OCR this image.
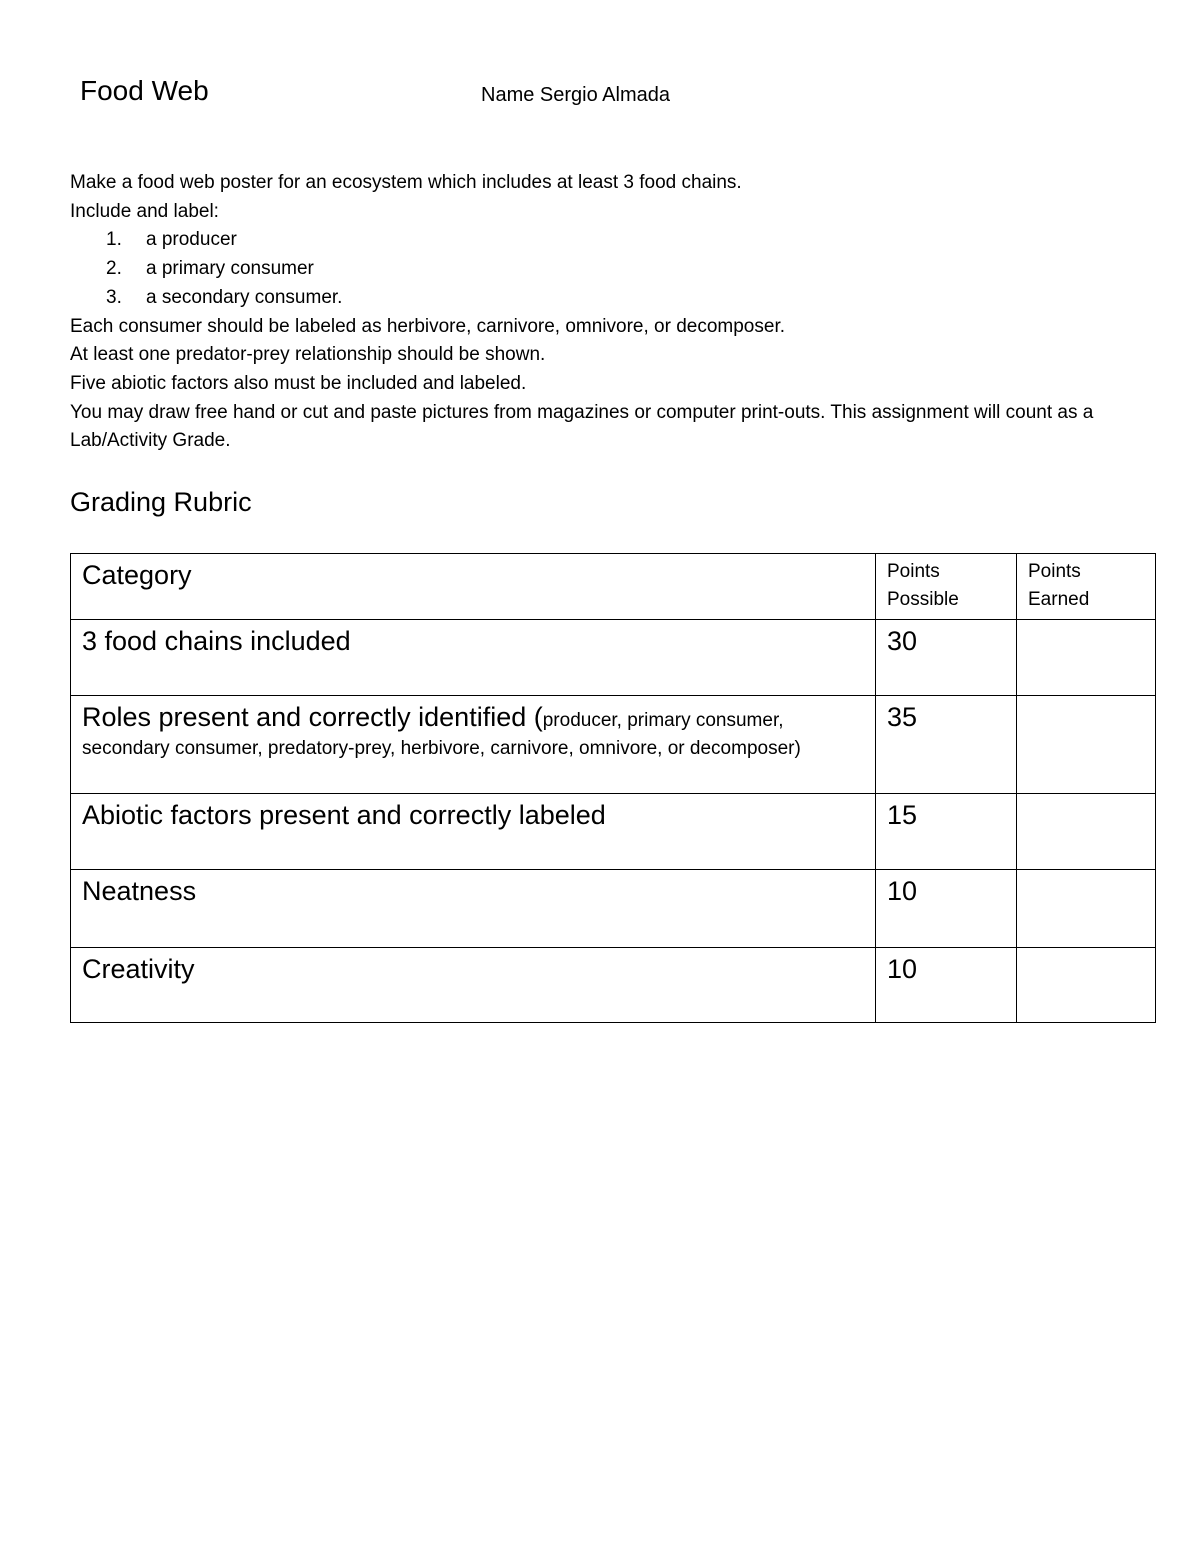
Food Web	Name Sergio Almada

Make a food web poster for an ecosystem which includes at least 3 food chains.

Include and label:

1.	a producer
2.	a primary consumer
3.	a secondary consumer.

Each consumer should be labeled as herbivore, carnivore, omnivore, or decomposer.

At least one predator-prey relationship should be shown.

Five abiotic factors also must be included and labeled.

You may draw free hand or cut and paste pictures from magazines or computer print-outs. This assignment will count as a Lab/Activity Grade.

Grading Rubric
Category	Points Possible	Points Earned
3 food chains included	30	
Roles present and correctly identified (producer, primary consumer, secondary consumer, predatory-prey, herbivore, carnivore, omnivore, or decomposer)	35	
Abiotic factors present and correctly labeled	15	
Neatness	10	
Creativity	10	
